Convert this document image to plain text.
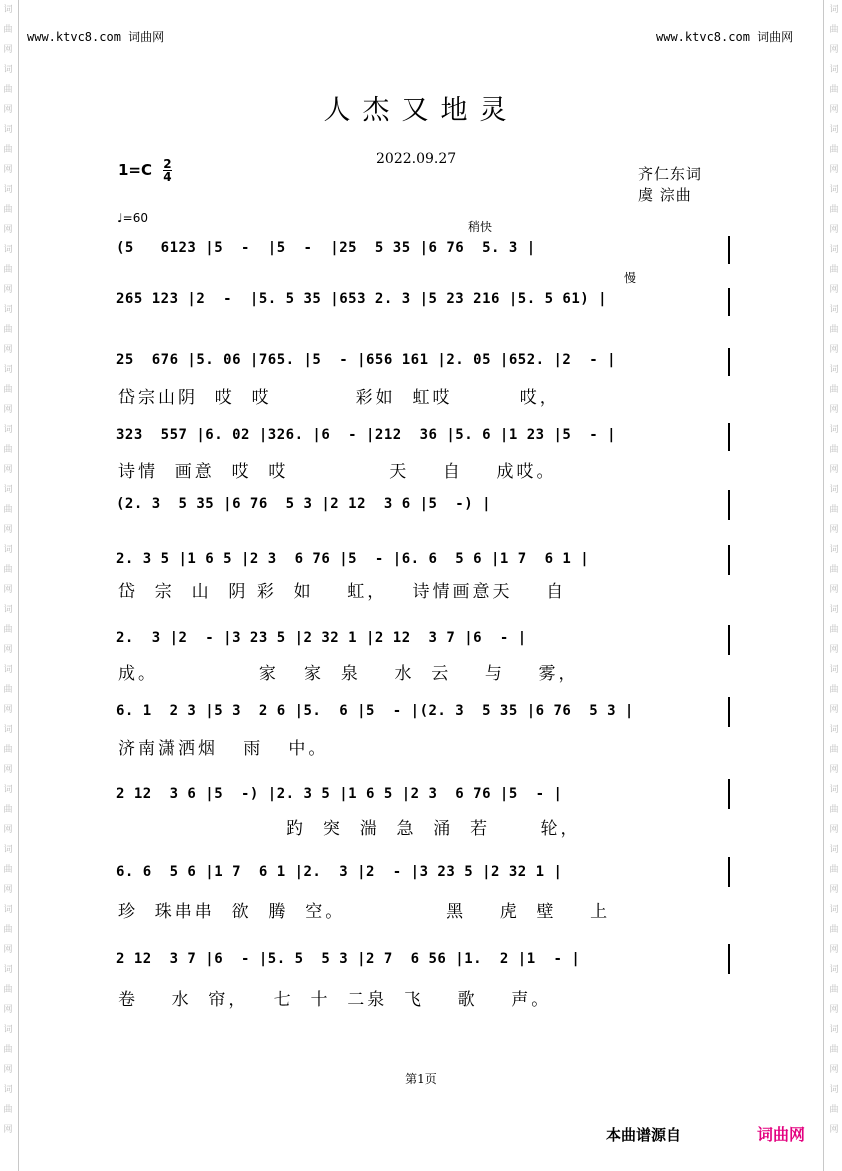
词曲网词曲网词曲网词曲网词曲网词曲网词曲网词曲网词曲网词曲网词曲网词曲网词曲网词曲网词曲网词曲网词曲网词曲网词曲网
词曲网词曲网词曲网词曲网词曲网词曲网词曲网词曲网词曲网词曲网词曲网词曲网词曲网词曲网词曲网词曲网词曲网词曲网词曲网
www.ktvc8.com 词曲网	www.ktvc8.com 词曲网
人杰又地灵
$1=C \frac{2}{4}$	2022.09.27
齐仁东词
虞 淙曲
♩=60
稍快
慢
(5   6123 |5  -  |5  -  |25  5 35 |6 76  5. 3 |
265 123 |2  -  |5. 5 35 |653 2. 3 |5 23 216 |5. 5 61) |
25  676 |5. 06 |765. |5  - |656 161 |2. 05 |652. |2  - |
岱宗山阴  哎  哎          彩如  虹哎        哎，
323  557 |6. 02 |326. |6  - |212  36 |5. 6 |1 23 |5  - |
诗情  画意  哎  哎            天    自    成哎。
(2. 3  5 35 |6 76  5 3 |2 12  3 6 |5  -) |
2. 3 5 |1 6 5 |2 3  6 76 |5  - |6. 6  5 6 |1 7  6 1 |
岱  宗  山  阴 彩  如    虹，   诗情画意天    自
2.  3 |2  - |3 23 5 |2 32 1 |2 12  3 7 |6  - |
成。            家   家  泉    水  云    与    雾，
6. 1  2 3 |5 3  2 6 |5.  6 |5  - |(2. 3  5 35 |6 76  5 3 |
济南潇洒烟   雨   中。
2 12  3 6 |5  -) |2. 3 5 |1 6 5 |2 3  6 76 |5  - |
趵  突  湍  急  涌  若      轮，
6. 6  5 6 |1 7  6 1 |2.  3 |2  - |3 23 5 |2 32 1 |
珍  珠串串  欲  腾  空。            黑    虎  壁    上
2 12  3 7 |6  - |5. 5  5 3 |2 7  6 56 |1.  2 |1  - |
卷    水  帘，   七  十  二泉  飞    歌    声。
第1页
本曲谱源自	词曲网
